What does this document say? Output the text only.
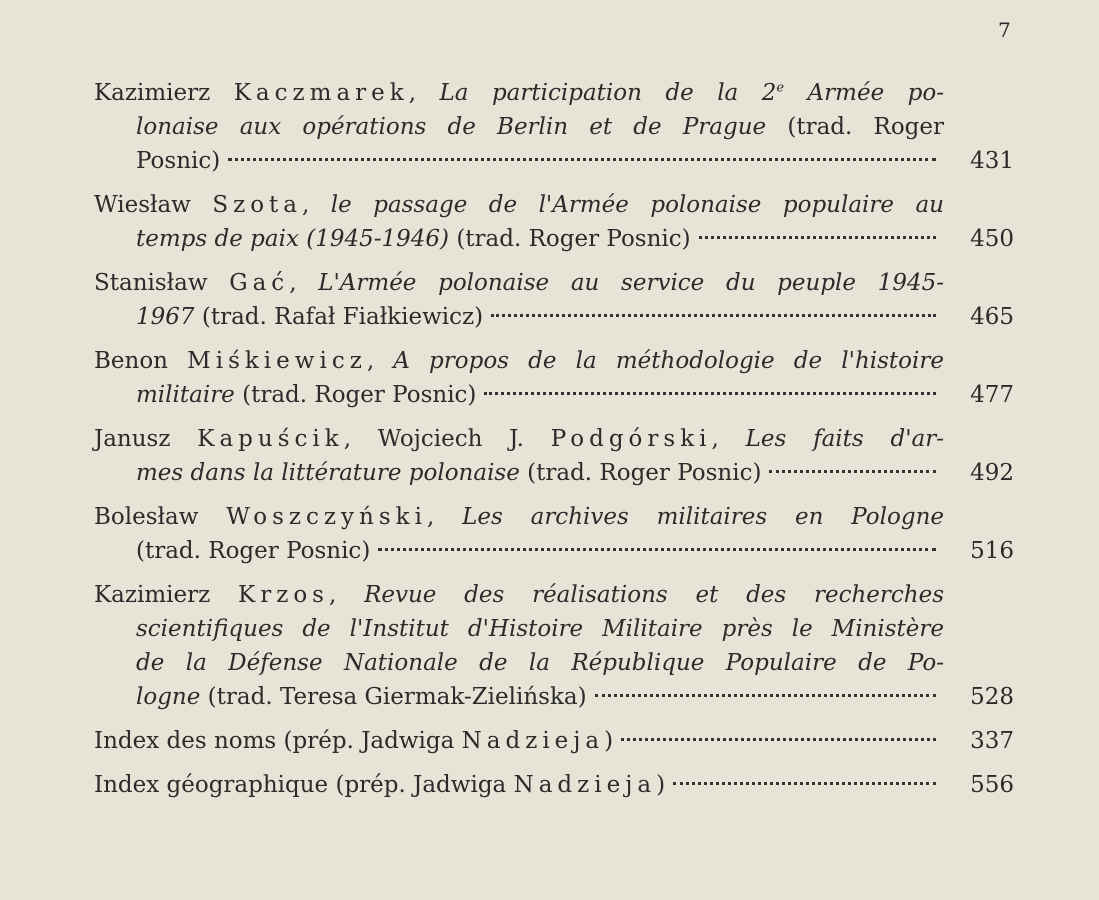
7
Kazimierz Kaczmarek, La participation de la 2e Armée po-
lonaise aux opérations de Berlin et de Prague (trad. Roger
Posnic)	431
Wiesław Szota, le passage de l'Armée polonaise populaire au
temps de paix (1945-1946) (trad. Roger Posnic)	450
Stanisław Gać, L'Armée polonaise au service du peuple 1945-
1967 (trad. Rafał Fiałkiewicz)	465
Benon Miśkiewicz, A propos de la méthodologie de l'histoire
militaire (trad. Roger Posnic)	477
Janusz Kapuścik, Wojciech J. Podgórski, Les faits d'ar-
mes dans la littérature polonaise (trad. Roger Posnic)	492
Bolesław Woszczyński, Les archives militaires en Pologne
(trad. Roger Posnic)	516
Kazimierz Krzos, Revue des réalisations et des recherches
scientifiques de l'Institut d'Histoire Militaire près le Ministère
de la Défense Nationale de la République Populaire de Po-
logne (trad. Teresa Giermak-Zielińska)	528
Index des noms (prép. Jadwiga Nadzieja)	337
Index géographique (prép. Jadwiga Nadzieja)	556
